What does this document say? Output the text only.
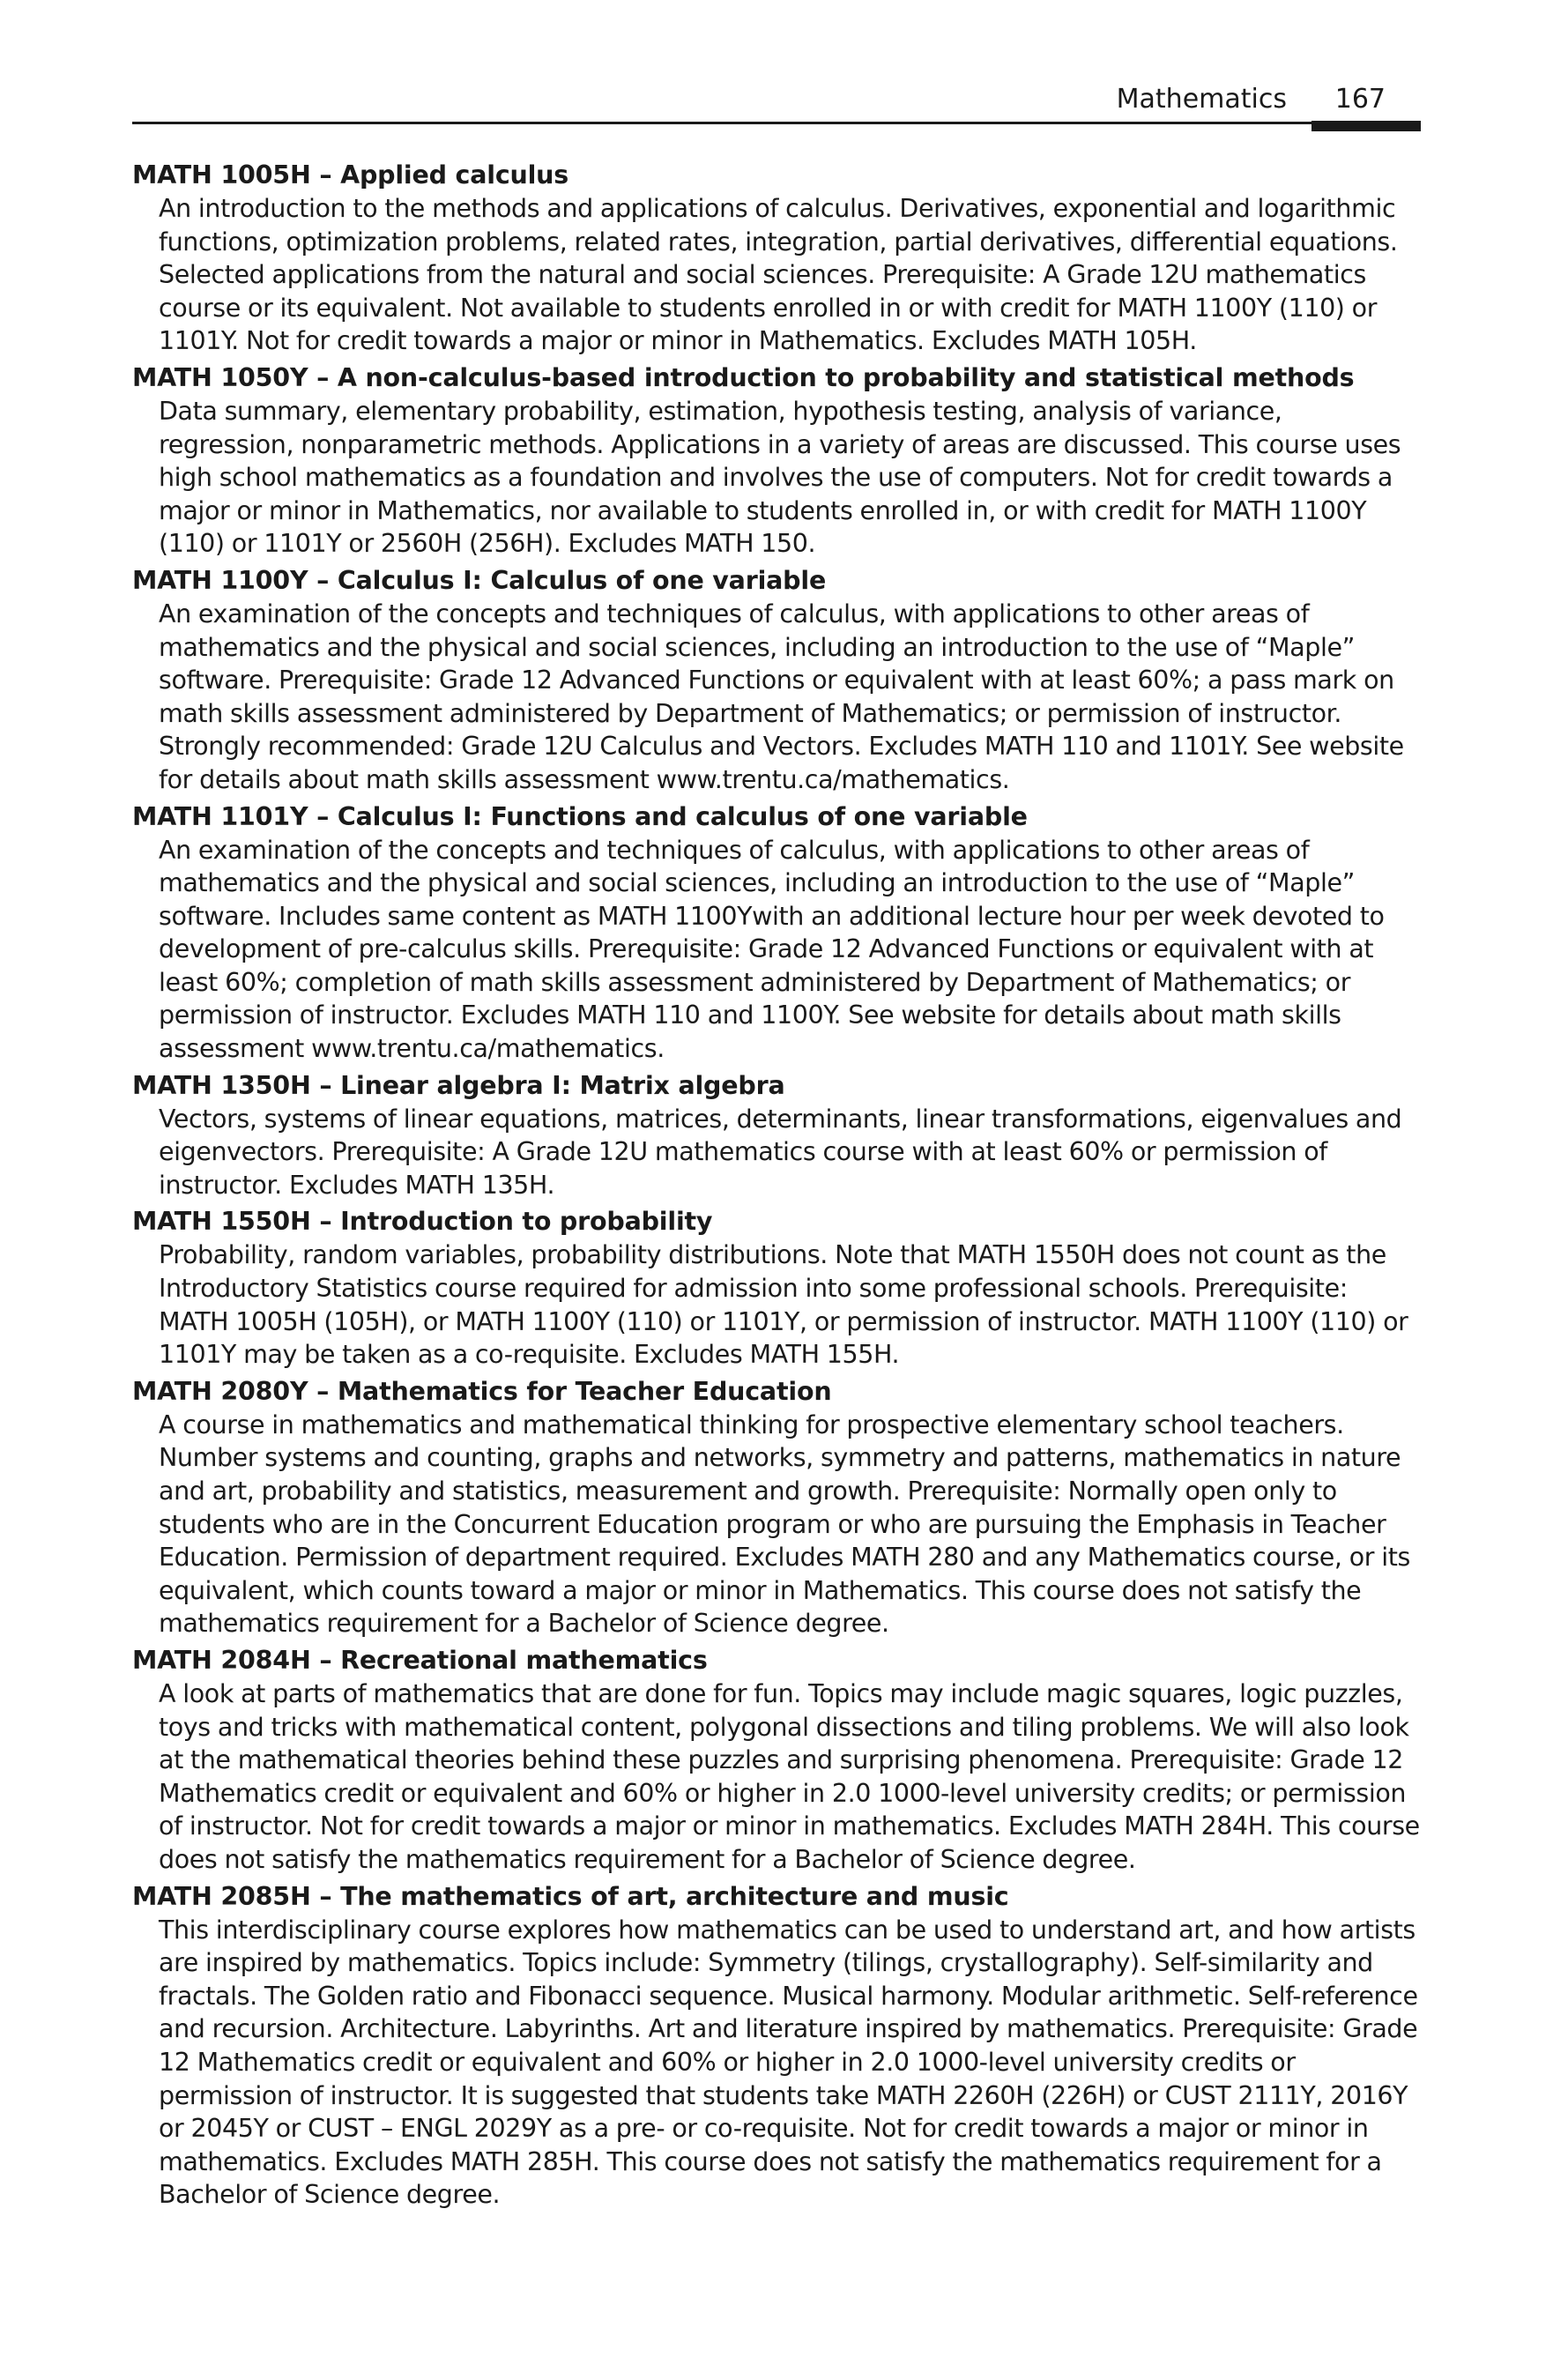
Mathematics 167

MATH 1005H – Applied calculus

An introduction to the methods and applications of calculus. Derivatives, exponential and logarithmic functions, optimization problems, related rates, integration, partial derivatives, differential equations. Selected applications from the natural and social sciences. Prerequisite: A Grade 12U mathematics course or its equivalent. Not available to students enrolled in or with credit for MATH 1100Y (110) or 1101Y. Not for credit towards a major or minor in Mathematics. Excludes MATH 105H.

MATH 1050Y – A non-calculus-based introduction to probability and statistical methods

Data summary, elementary probability, estimation, hypothesis testing, analysis of variance, regression, nonparametric methods. Applications in a variety of areas are discussed. This course uses high school mathematics as a foundation and involves the use of computers. Not for credit towards a major or minor in Mathematics, nor available to students enrolled in, or with credit for MATH 1100Y (110) or 1101Y or 2560H (256H). Excludes MATH 150.

MATH 1100Y – Calculus I: Calculus of one variable

An examination of the concepts and techniques of calculus, with applications to other areas of mathematics and the physical and social sciences, including an introduction to the use of “Maple” software. Prerequisite: Grade 12 Advanced Functions or equivalent with at least 60%; a pass mark on math skills assessment administered by Department of Mathematics; or permission of instructor. Strongly recommended: Grade 12U Calculus and Vectors. Excludes MATH 110 and 1101Y. See website for details about math skills assessment www.trentu.ca/mathematics.

MATH 1101Y – Calculus I: Functions and calculus of one variable

An examination of the concepts and techniques of calculus, with applications to other areas of mathematics and the physical and social sciences, including an introduction to the use of “Maple” software. Includes same content as MATH 1100Ywith an additional lecture hour per week devoted to development of pre-calculus skills. Prerequisite: Grade 12 Advanced Functions or equivalent with at least 60%; completion of math skills assessment administered by Department of Mathematics; or permission of instructor. Excludes MATH 110 and 1100Y. See website for details about math skills assessment www.trentu.ca/mathematics.

MATH 1350H – Linear algebra I: Matrix algebra

Vectors, systems of linear equations, matrices, determinants, linear transformations, eigenvalues and eigenvectors. Prerequisite: A Grade 12U mathematics course with at least 60% or permission of instructor. Excludes MATH 135H.

MATH 1550H – Introduction to probability

Probability, random variables, probability distributions. Note that MATH 1550H does not count as the Introductory Statistics course required for admission into some professional schools. Prerequisite: MATH 1005H (105H), or MATH 1100Y (110) or 1101Y, or permission of instructor. MATH 1100Y (110) or 1101Y may be taken as a co-requisite. Excludes MATH 155H.

MATH 2080Y – Mathematics for Teacher Education

A course in mathematics and mathematical thinking for prospective elementary school teachers. Number systems and counting, graphs and networks, symmetry and patterns, mathematics in nature and art, probability and statistics, measurement and growth. Prerequisite: Normally open only to students who are in the Concurrent Education program or who are pursuing the Emphasis in Teacher Education. Permission of department required. Excludes MATH 280 and any Mathematics course, or its equivalent, which counts toward a major or minor in Mathematics. This course does not satisfy the mathematics requirement for a Bachelor of Science degree.

MATH 2084H – Recreational mathematics

A look at parts of mathematics that are done for fun. Topics may include magic squares, logic puzzles, toys and tricks with mathematical content, polygonal dissections and tiling problems. We will also look at the mathematical theories behind these puzzles and surprising phenomena. Prerequisite: Grade 12 Mathematics credit or equivalent and 60% or higher in 2.0 1000-level university credits; or permission of instructor. Not for credit towards a major or minor in mathematics. Excludes MATH 284H. This course does not satisfy the mathematics requirement for a Bachelor of Science degree.

MATH 2085H – The mathematics of art, architecture and music

This interdisciplinary course explores how mathematics can be used to understand art, and how artists are inspired by mathematics. Topics include: Symmetry (tilings, crystallography). Self-similarity and fractals. The Golden ratio and Fibonacci sequence. Musical harmony. Modular arithmetic. Self-reference and recursion. Architecture. Labyrinths. Art and literature inspired by mathematics. Prerequisite: Grade 12 Mathematics credit or equivalent and 60% or higher in 2.0 1000-level university credits or permission of instructor. It is suggested that students take MATH 2260H (226H) or CUST 2111Y, 2016Y or 2045Y or CUST – ENGL 2029Y as a pre- or co-requisite. Not for credit towards a major or minor in mathematics. Excludes MATH 285H. This course does not satisfy the mathematics requirement for a Bachelor of Science degree.
